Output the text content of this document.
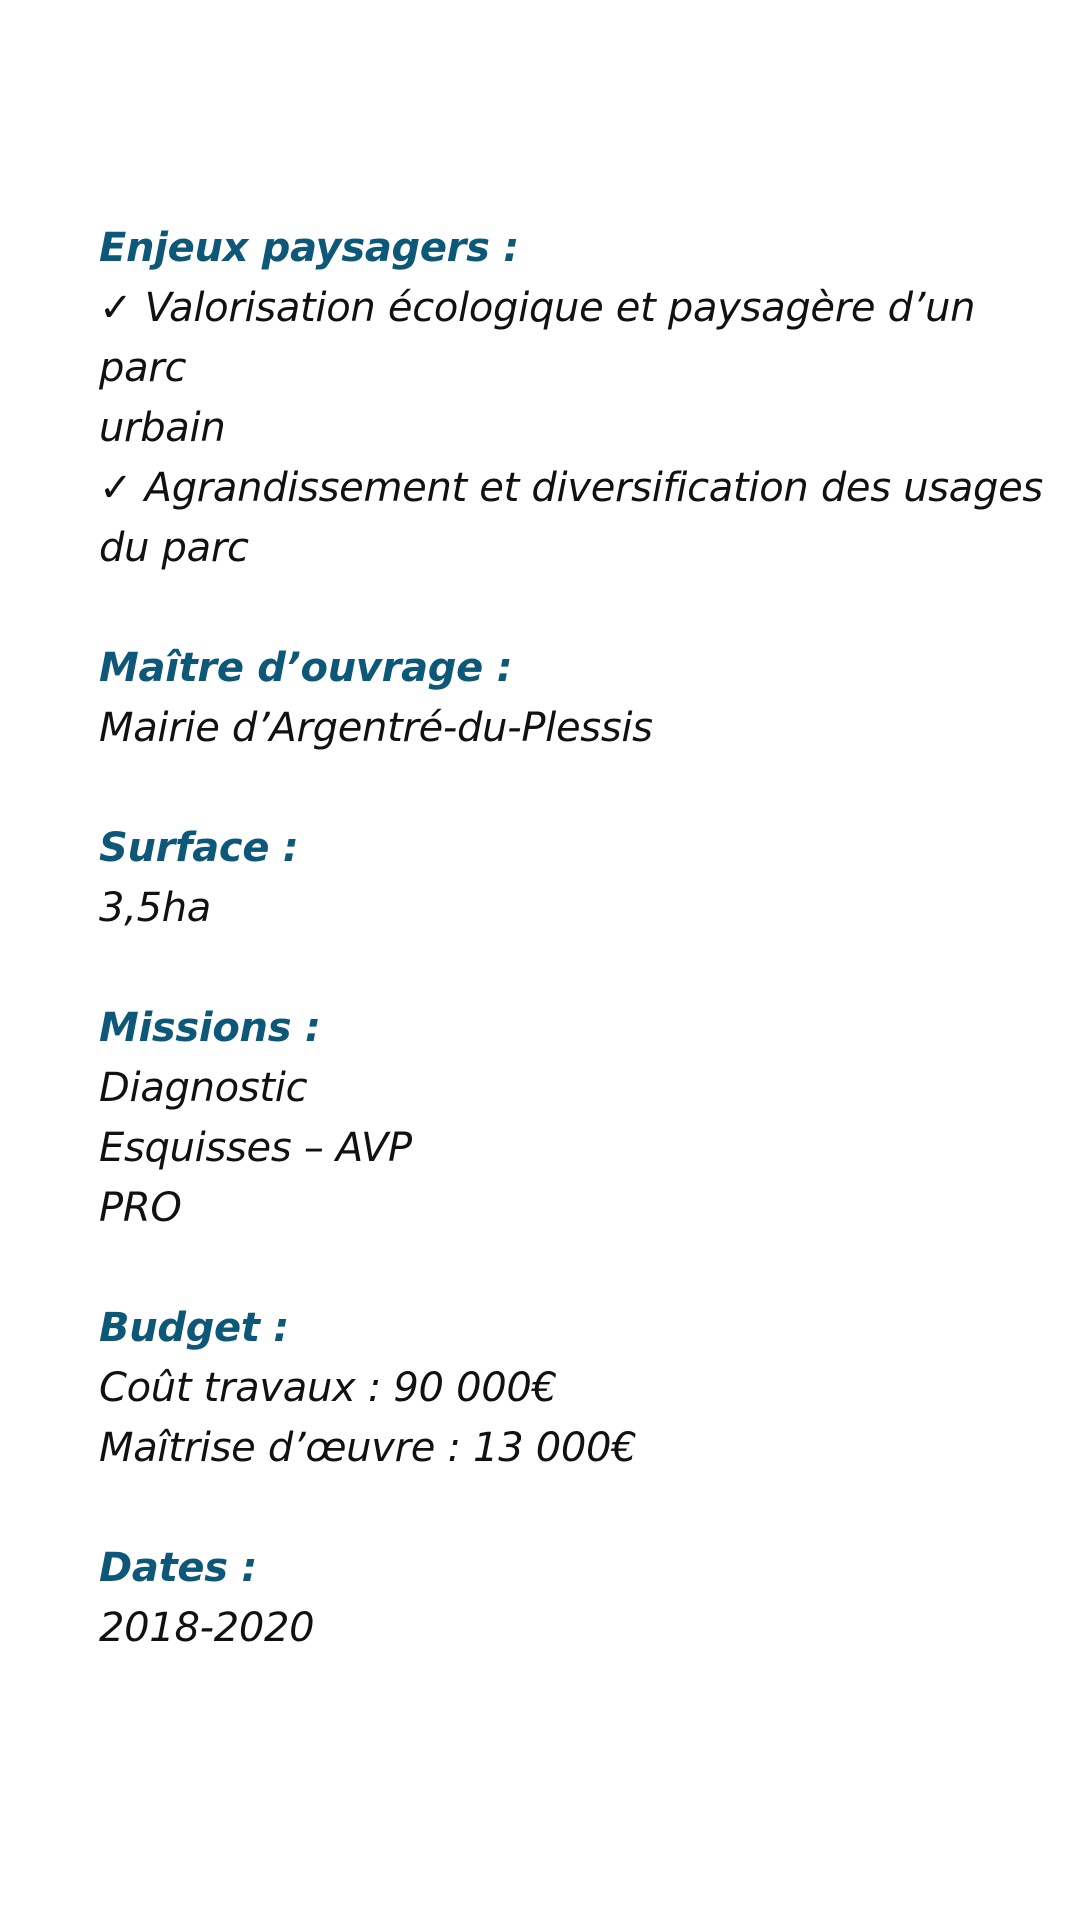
Enjeux paysagers :
✓ Valorisation écologique et paysagère d’un
parc
urbain
✓ Agrandissement et diversification des usages
du parc
Maître d’ouvrage :
Mairie d’Argentré-du-Plessis
Surface :
3,5ha
Missions :
Diagnostic
Esquisses – AVP
PRO
Budget :
Coût travaux : 90 000€
Maîtrise d’œuvre : 13 000€
Dates :
2018-2020
